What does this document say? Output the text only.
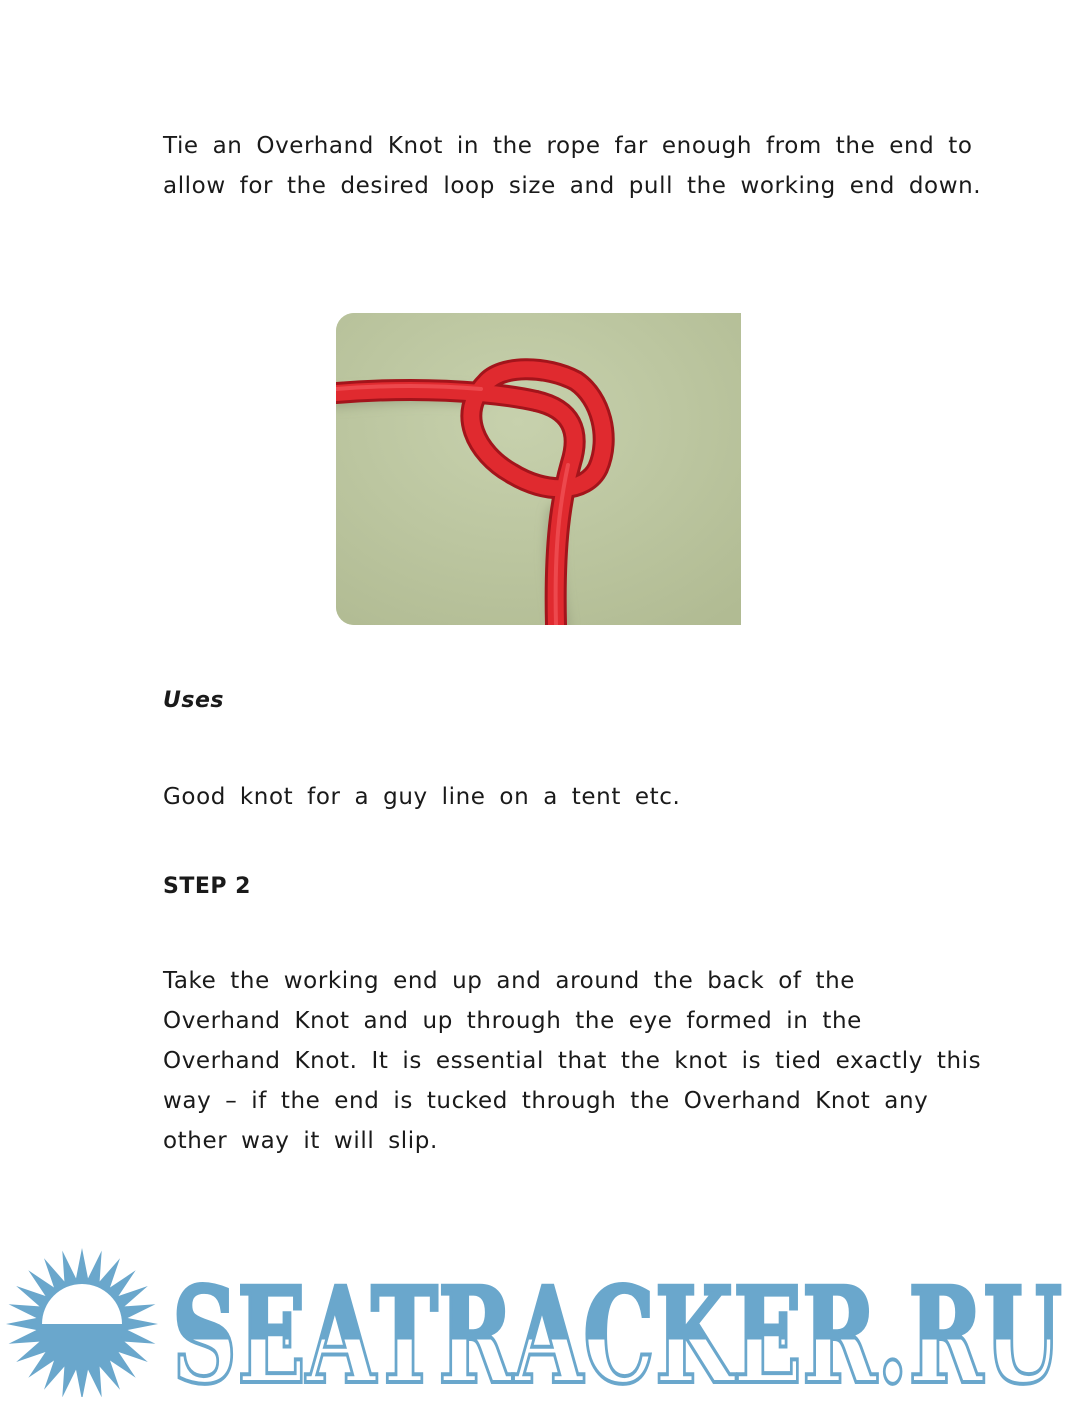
Tie an Overhand Knot in the rope far enough from the end to
allow for the desired loop size and pull the working end down.

Uses

Good knot for a guy line on a tent etc.

STEP 2

Take the working end up and around the back of the
Overhand Knot and up through the eye formed in the
Overhand Knot. It is essential that the knot is tied exactly this
way – if the end is tucked through the Overhand Knot any
other way it will slip.

SEATRACKER.RU
